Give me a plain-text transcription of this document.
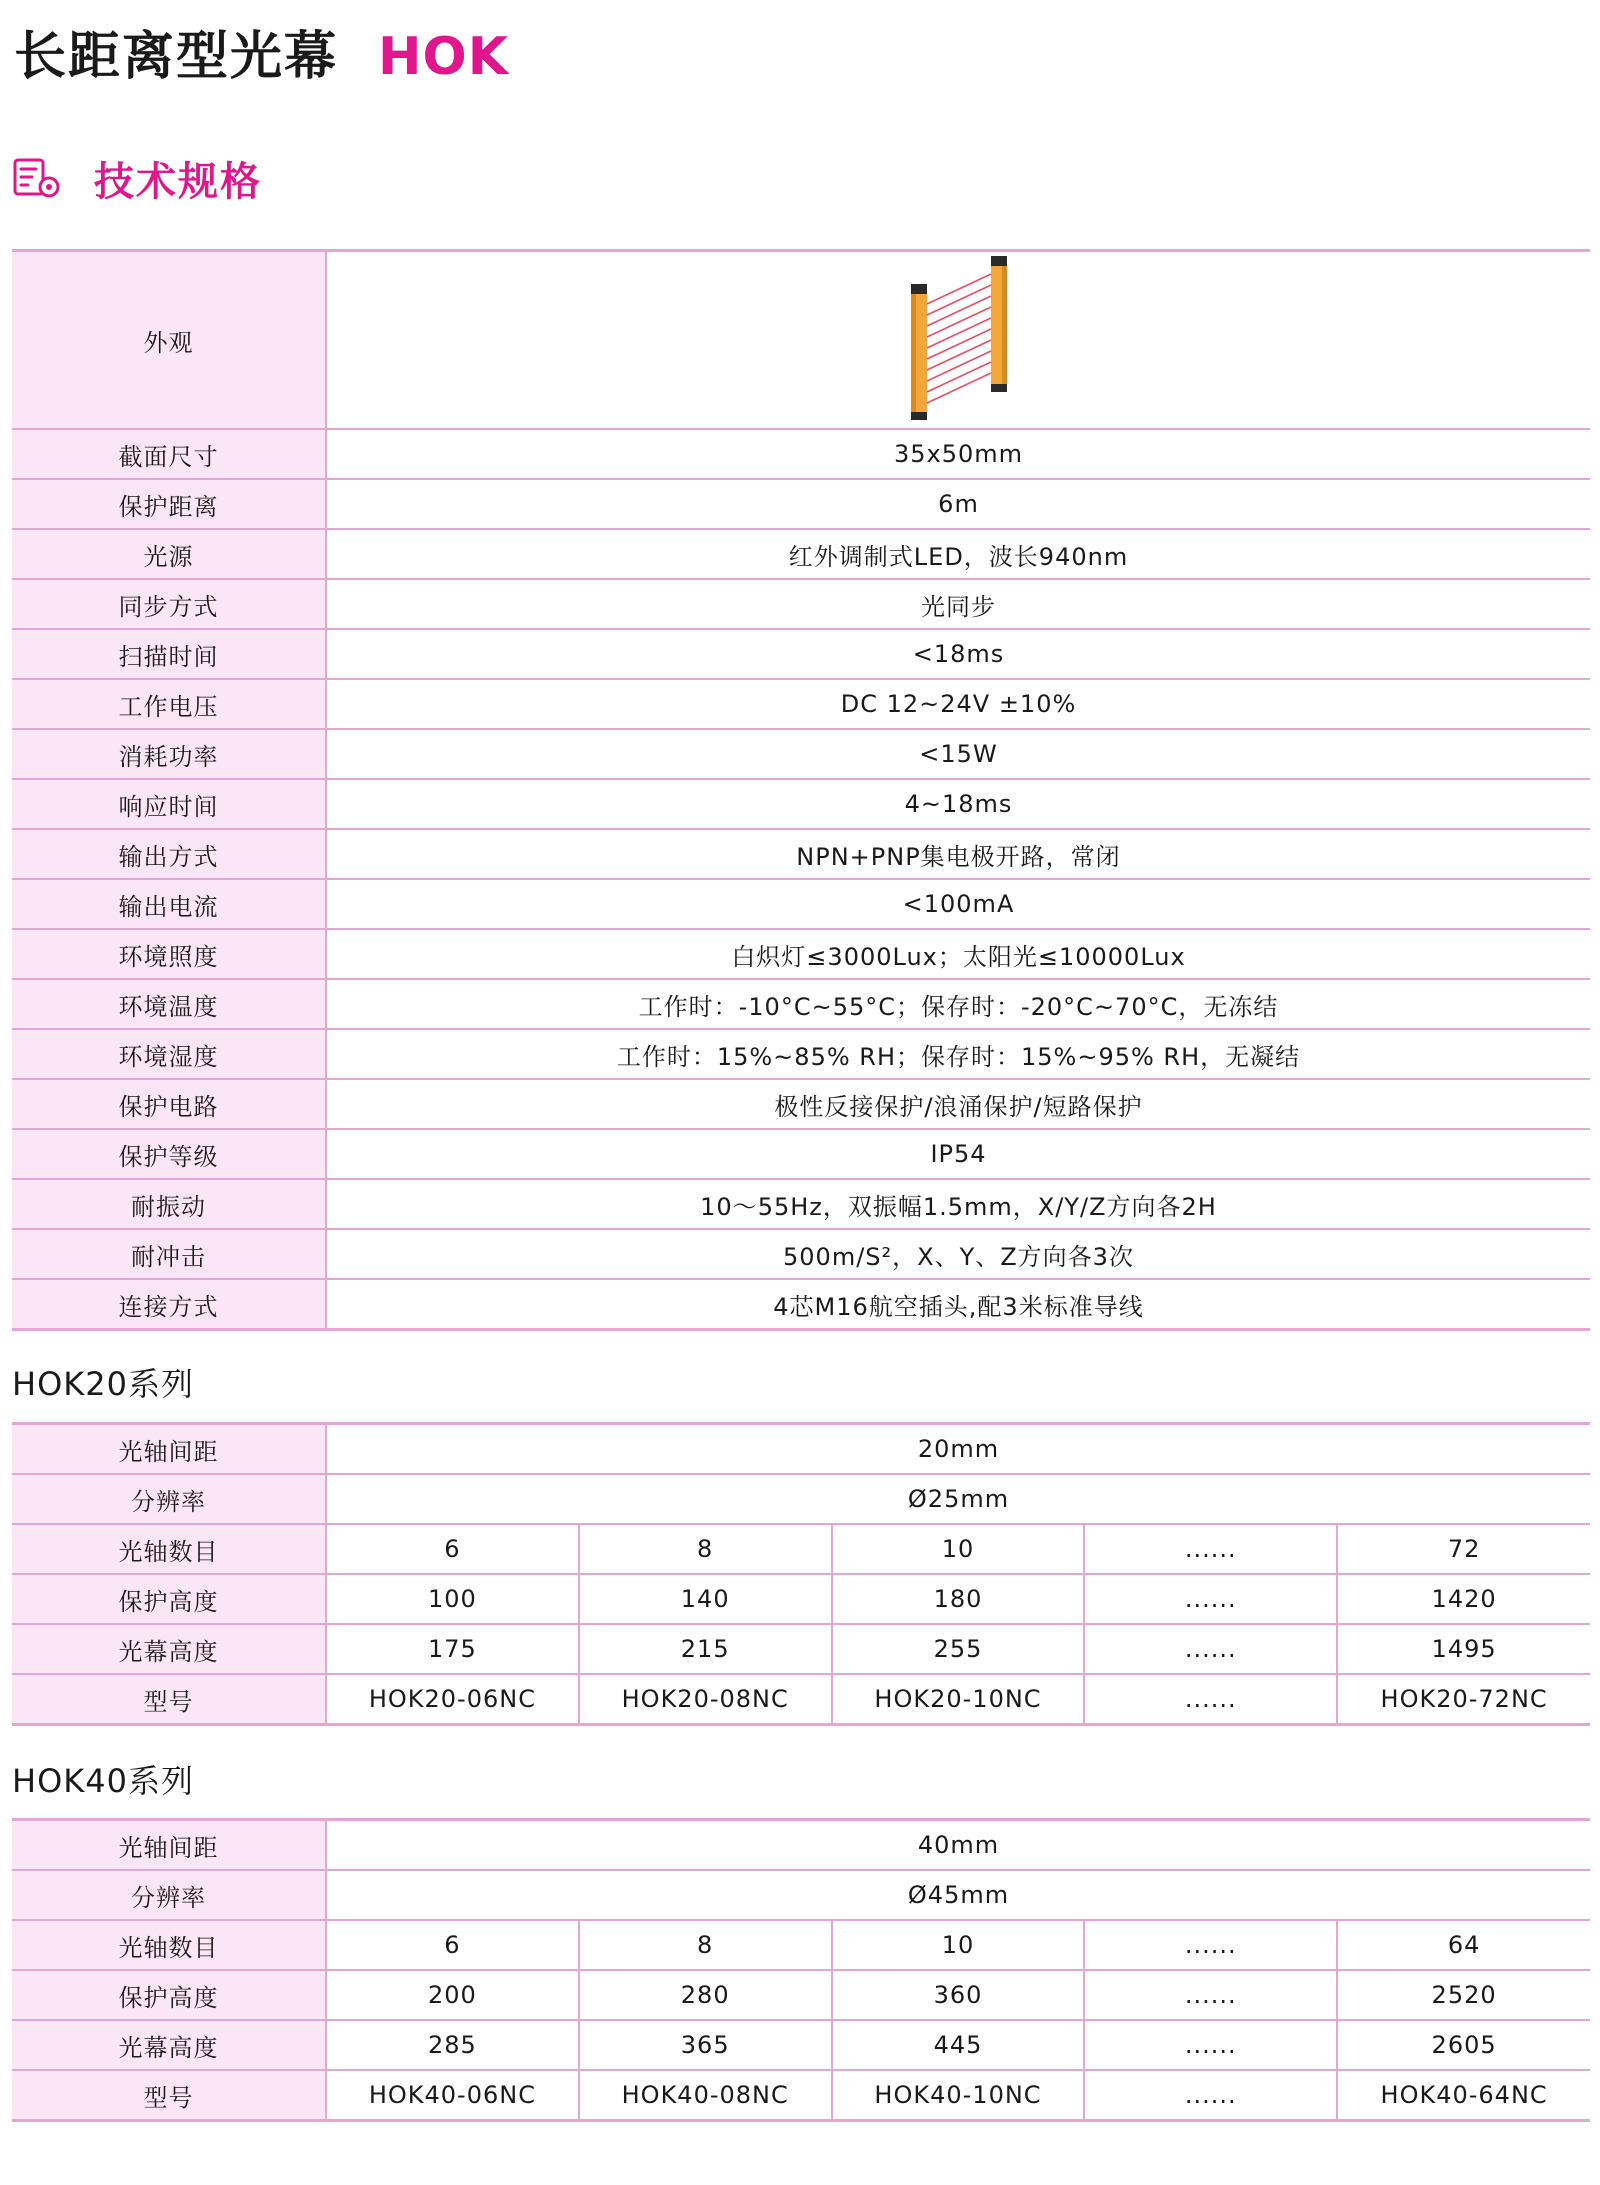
长距离型光幕 HOK
技术规格
外观	
截面尺寸	35x50mm
保护距离	6m
光源	红外调制式LED，波长940nm
同步方式	光同步
扫描时间	<18ms
工作电压	DC 12~24V ±10%
消耗功率	<15W
响应时间	4~18ms
输出方式	NPN+PNP集电极开路，常闭
输出电流	<100mA
环境照度	白炽灯≤3000Lux；太阳光≤10000Lux
环境温度	工作时：-10°C~55°C；保存时：-20°C~70°C，无冻结
环境湿度	工作时：15%~85% RH；保存时：15%~95% RH，无凝结
保护电路	极性反接保护/浪涌保护/短路保护
保护等级	IP54
耐振动	10～55Hz，双振幅1.5mm，X/Y/Z方向各2H
耐冲击	500m/S²，X、Y、Z方向各3次
连接方式	4芯M16航空插头,配3米标准导线
HOK20系列
光轴间距	20mm				
分辨率	Ø25mm				
光轴数目	6	8	10	......	72
保护高度	100	140	180	......	1420
光幕高度	175	215	255	......	1495
型号	HOK20-06NC	HOK20-08NC	HOK20-10NC	......	HOK20-72NC
HOK40系列
光轴间距	40mm				
分辨率	Ø45mm				
光轴数目	6	8	10	......	64
保护高度	200	280	360	......	2520
光幕高度	285	365	445	......	2605
型号	HOK40-06NC	HOK40-08NC	HOK40-10NC	......	HOK40-64NC
